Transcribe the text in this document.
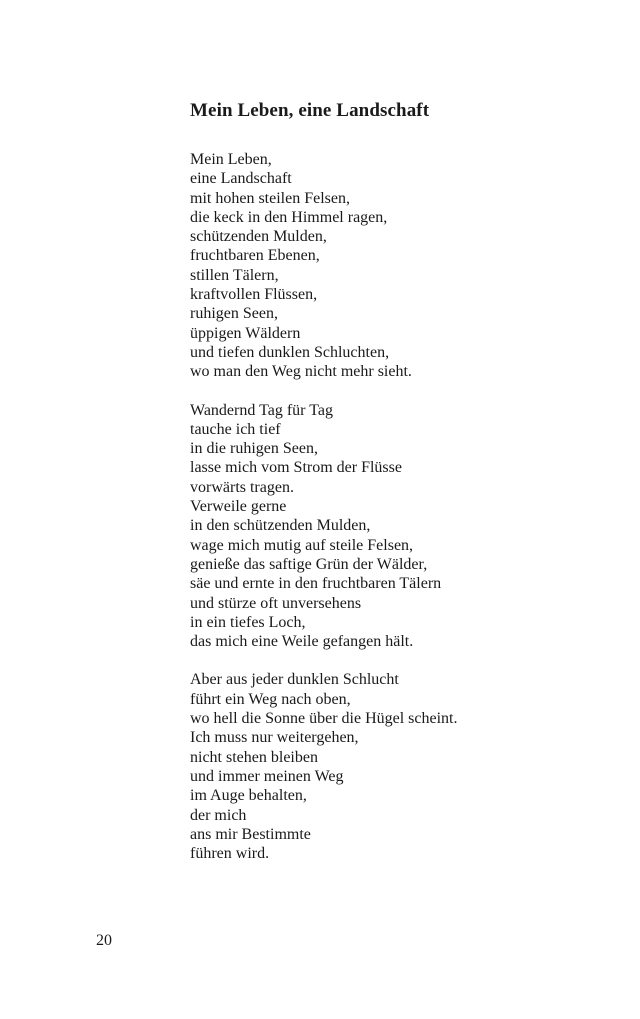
Mein Leben, eine Landschaft
Mein Leben,
eine Landschaft
mit hohen steilen Felsen,
die keck in den Himmel ragen,
schützenden Mulden,
fruchtbaren Ebenen,
stillen Tälern,
kraftvollen Flüssen,
ruhigen Seen,
üppigen Wäldern
und tiefen dunklen Schluchten,
wo man den Weg nicht mehr sieht.
Wandernd Tag für Tag
tauche ich tief
in die ruhigen Seen,
lasse mich vom Strom der Flüsse
vorwärts tragen.
Verweile gerne
in den schützenden Mulden,
wage mich mutig auf steile Felsen,
genieße das saftige Grün der Wälder,
säe und ernte in den fruchtbaren Tälern
und stürze oft unversehens
in ein tiefes Loch,
das mich eine Weile gefangen hält.
Aber aus jeder dunklen Schlucht
führt ein Weg nach oben,
wo hell die Sonne über die Hügel scheint.
Ich muss nur weitergehen,
nicht stehen bleiben
und immer meinen Weg
im Auge behalten,
der mich
ans mir Bestimmte
führen wird.
20
